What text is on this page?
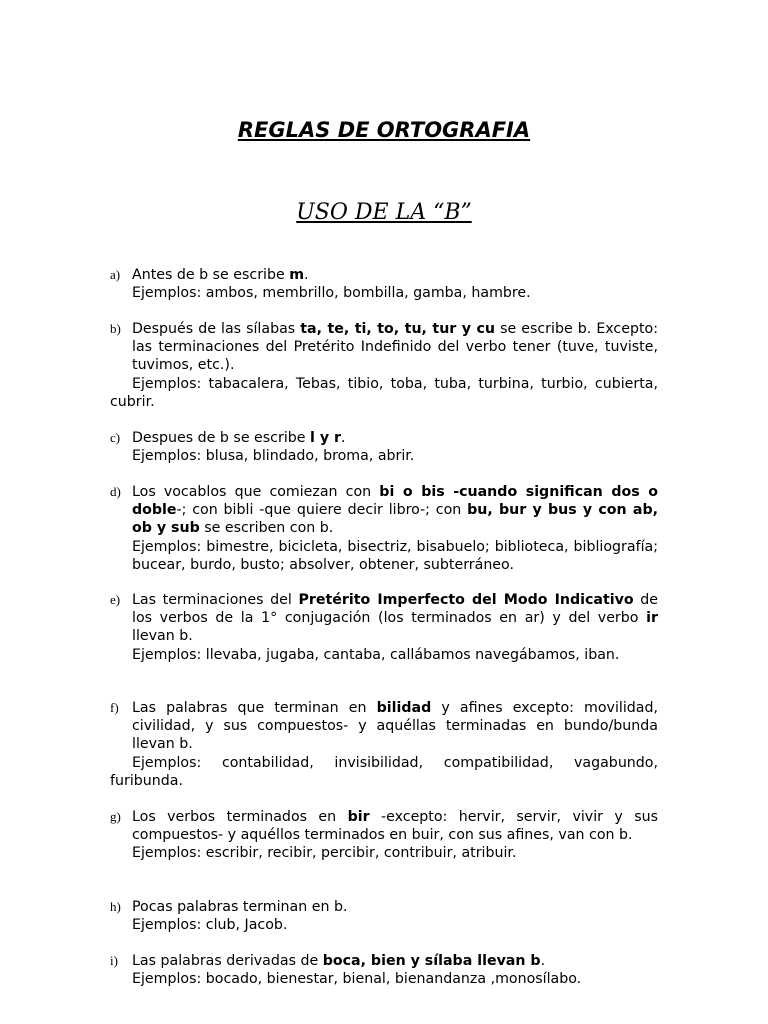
REGLAS DE ORTOGRAFIA
USO DE LA “B”
a) Antes de b se escribe m.
Ejemplos: ambos, membrillo, bombilla, gamba, hambre.
b) Después de las sílabas ta, te, ti, to, tu, tur y cu se escribe b. Excepto: las terminaciones del Pretérito Indefinido del verbo tener (tuve, tuviste, tuvimos, etc.).
Ejemplos: tabacalera, Tebas, tibio, toba, tuba, turbina, turbio, cubierta, cubrir.
c) Despues de b se escribe l y r.
Ejemplos: blusa, blindado, broma, abrir.
d) Los vocablos que comiezan con bi o bis -cuando significan dos o doble-; con bibli -que quiere decir libro-; con bu, bur y bus y con ab, ob y sub se escriben con b.
Ejemplos: bimestre, bicicleta, bisectriz, bisabuelo; biblioteca, bibliografía; bucear, burdo, busto; absolver, obtener, subterráneo.
e) Las terminaciones del Pretérito Imperfecto del Modo Indicativo de los verbos de la 1° conjugación (los terminados en ar) y del verbo ir llevan b.
Ejemplos: llevaba, jugaba, cantaba, callábamos navegábamos, iban.
f) Las palabras que terminan en bilidad y afines excepto: movilidad, civilidad, y sus compuestos- y aquéllas terminadas en bundo/bunda llevan b.
Ejemplos: contabilidad, invisibilidad, compatibilidad, vagabundo, furibunda.
g) Los verbos terminados en bir -excepto: hervir, servir, vivir y sus compuestos- y aquéllos terminados en buir, con sus afines, van con b.
Ejemplos: escribir, recibir, percibir, contribuir, atribuir.
h) Pocas palabras terminan en b.
Ejemplos: club, Jacob.
i) Las palabras derivadas de boca, bien y sílaba llevan b.
Ejemplos: bocado, bienestar, bienal, bienandanza ,monosílabo.
